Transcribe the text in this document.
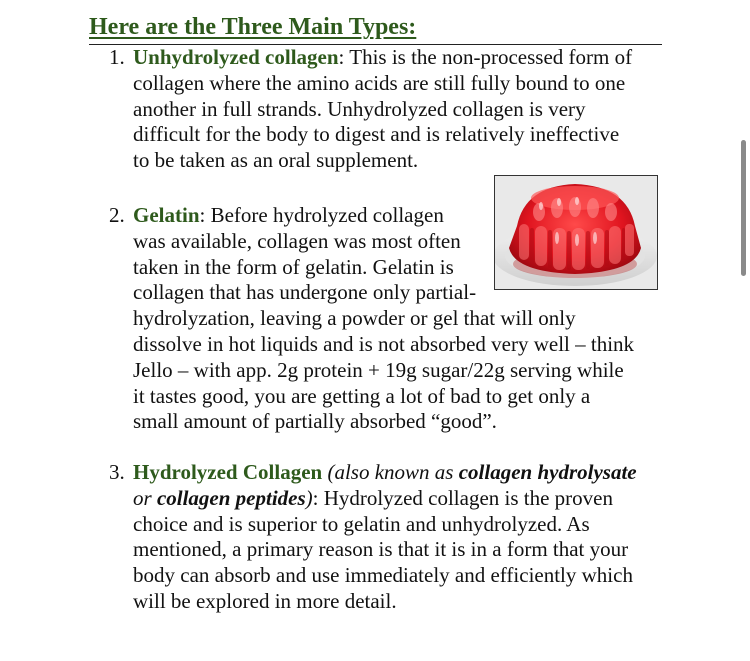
Here are the Three Main Types:
1. Unhydrolyzed collagen: This is the non-processed form of
collagen where the amino acids are still fully bound to one
another in full strands. Unhydrolyzed collagen is very
difficult for the body to digest and is relatively ineffective
to be taken as an oral supplement.
2. Gelatin: Before hydrolyzed collagen
was available, collagen was most often
taken in the form of gelatin. Gelatin is
collagen that has undergone only partial-
hydrolyzation, leaving a powder or gel that will only
dissolve in hot liquids and is not absorbed very well – think
Jello – with app. 2g protein + 19g sugar/22g serving while
it tastes good, you are getting a lot of bad to get only a
small amount of partially absorbed “good”.
3. Hydrolyzed Collagen (also known as collagen hydrolysate
or collagen peptides): Hydrolyzed collagen is the proven
choice and is superior to gelatin and unhydrolyzed. As
mentioned, a primary reason is that it is in a form that your
body can absorb and use immediately and efficiently which
will be explored in more detail.
